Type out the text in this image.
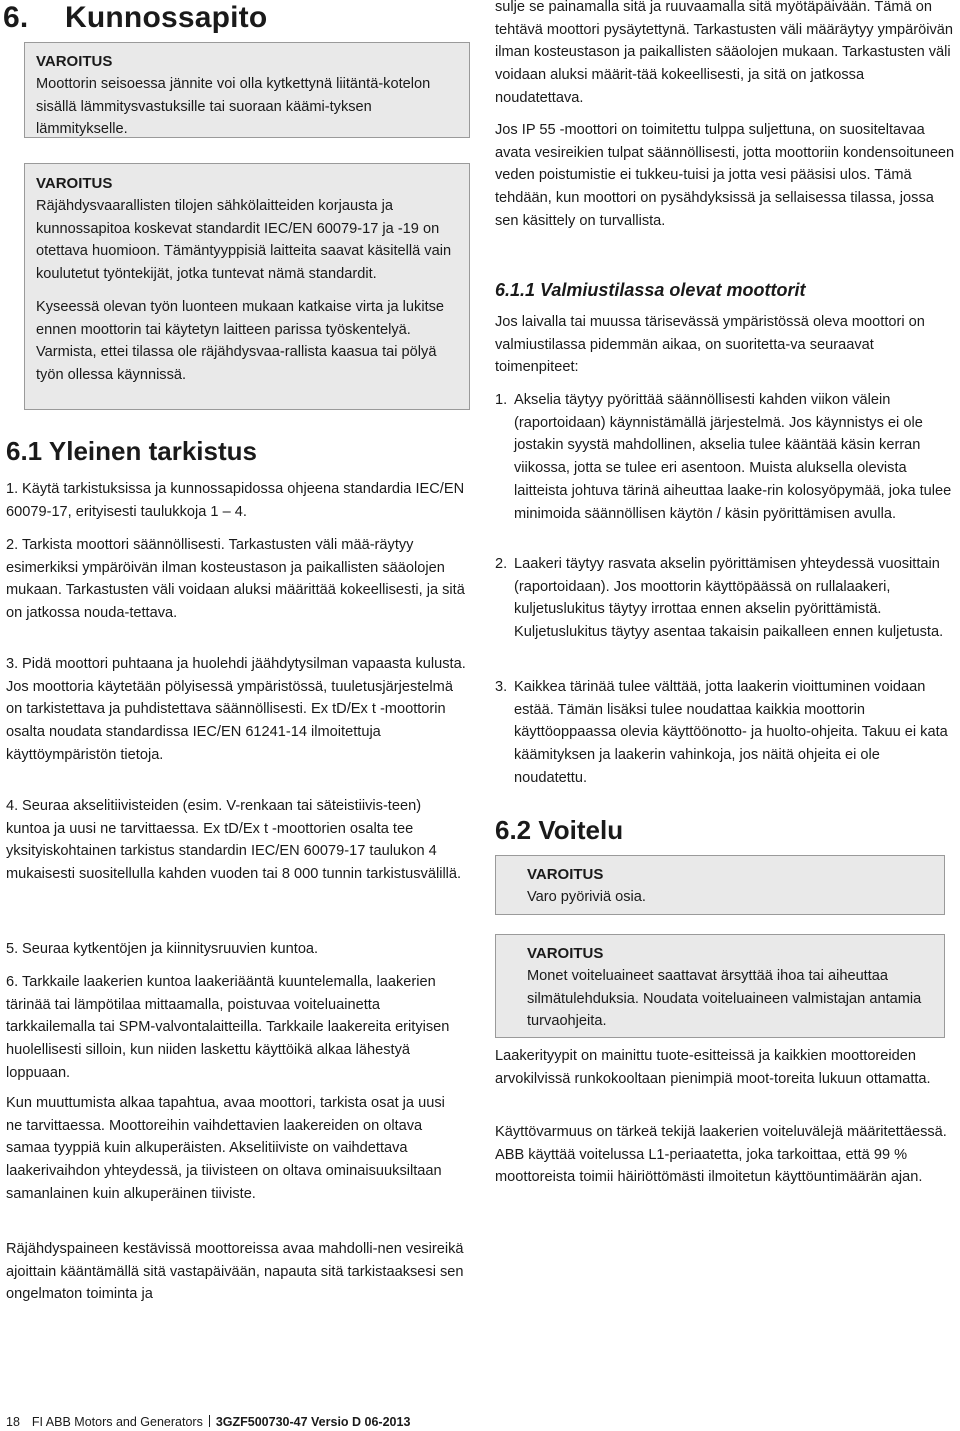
6. Kunnossapito
VAROITUS

Moottorin seisoessa jännite voi olla kytkettynä liitäntä-kotelon sisällä lämmitysvastuksille tai suoraan käämi-tyksen lämmitykselle.

VAROITUS

Räjähdysvaarallisten tilojen sähkölaitteiden korjausta ja kunnossapitoa koskevat standardit IEC/EN 60079-17 ja -19 on otettava huomioon. Tämäntyyppisiä laitteita saavat käsitellä vain koulutetut työntekijät, jotka tuntevat nämä standardit.

Kyseessä olevan työn luonteen mukaan katkaise virta ja lukitse ennen moottorin tai käytetyn laitteen parissa työskentelyä. Varmista, ettei tilassa ole räjähdysvaa-rallista kaasua tai pölyä työn ollessa käynnissä.

6.1 Yleinen tarkistus
1. Käytä tarkistuksissa ja kunnossapidossa ohjeena standardia IEC/EN 60079-17, erityisesti taulukkoja 1 – 4.
2. Tarkista moottori säännöllisesti. Tarkastusten väli mää-räytyy esimerkiksi ympäröivän ilman kosteustason ja paikallisten sääolojen mukaan. Tarkastusten väli voidaan aluksi määrittää kokeellisesti, ja sitä on jatkossa nouda-tettava.
3. Pidä moottori puhtaana ja huolehdi jäähdytysilman vapaasta kulusta. Jos moottoria käytetään pölyisessä ympäristössä, tuuletusjärjestelmä on tarkistettava ja puhdistettava säännöllisesti. Ex tD/Ex t -moottorin osalta noudata standardissa IEC/EN 61241-14 ilmoitettuja käyttöympäristön tietoja.
4. Seuraa akselitiivisteiden (esim. V-renkaan tai säteistiivis-teen) kuntoa ja uusi ne tarvittaessa. Ex tD/Ex t -moottorien osalta tee yksityiskohtainen tarkistus standardin IEC/EN 60079-17 taulukon 4 mukaisesti suositellulla kahden vuoden tai 8 000 tunnin tarkistusvälillä.
5. Seuraa kytkentöjen ja kiinnitysruuvien kuntoa.
6. Tarkkaile laakerien kuntoa laakeriääntä kuuntelemalla, laakerien tärinää tai lämpötilaa mittaamalla, poistuvaa voiteluainetta tarkkailemalla tai SPM-valvontalaitteilla. Tarkkaile laakereita erityisen huolellisesti silloin, kun niiden laskettu käyttöikä alkaa lähestyä loppuaan.

Kun muuttumista alkaa tapahtua, avaa moottori, tarkista osat ja uusi ne tarvittaessa. Moottoreihin vaihdettavien laakereiden on oltava samaa tyyppiä kuin alkuperäisten. Akselitiiviste on vaihdettava laakerivaihdon yhteydessä, ja tiivisteen on oltava ominaisuuksiltaan samanlainen kuin alkuperäinen tiiviste.

Räjähdyspaineen kestävissä moottoreissa avaa mahdolli-nen vesireikä ajoittain kääntämällä sitä vastapäivään, napauta sitä tarkistaaksesi sen ongelmaton toiminta ja

sulje se painamalla sitä ja ruuvaamalla sitä myötäpäivään. Tämä on tehtävä moottori pysäytettynä. Tarkastusten väli määräytyy ympäröivän ilman kosteustason ja paikallisten sääolojen mukaan. Tarkastusten väli voidaan aluksi määrit-tää kokeellisesti, ja sitä on jatkossa noudatettava.

Jos IP 55 -moottori on toimitettu tulppa suljettuna, on suositeltavaa avata vesireikien tulpat säännöllisesti, jotta moottoriin kondensoituneen veden poistumistie ei tukkeu-tuisi ja jotta vesi pääsisi ulos. Tämä tehdään, kun moottori on pysähdyksissä ja sellaisessa tilassa, jossa sen käsittely on turvallista.

6.1.1 Valmiustilassa olevat moottorit

Jos laivalla tai muussa tärisevässä ympäristössä oleva moottori on valmiustilassa pidemmän aikaa, on suoritetta-va seuraavat toimenpiteet:

1. Akselia täytyy pyörittää säännöllisesti kahden viikon välein (raportoidaan) käynnistämällä järjestelmä. Jos käynnistys ei ole jostakin syystä mahdollinen, akselia tulee kääntää käsin kerran viikossa, jotta se tulee eri asentoon. Muista aluksella olevista laitteista johtuva tärinä aiheuttaa laake-rin kolosyöpymää, joka tulee minimoida säännöllisen käytön / käsin pyörittämisen avulla.
2. Laakeri täytyy rasvata akselin pyörittämisen yhteydessä vuosittain (raportoidaan). Jos moottorin käyttöpäässä on rullalaakeri, kuljetuslukitus täytyy irrottaa ennen akselin pyörittämistä. Kuljetuslukitus täytyy asentaa takaisin paikalleen ennen kuljetusta.
3. Kaikkea tärinää tulee välttää, jotta laakerin vioittuminen voidaan estää. Tämän lisäksi tulee noudattaa kaikkia moottorin käyttöoppaassa olevia käyttöönotto- ja huolto-ohjeita. Takuu ei kata käämityksen ja laakerin vahinkoja, jos näitä ohjeita ei ole noudatettu.
6.2 Voitelu
VAROITUS

Varo pyöriviä osia.

VAROITUS

Monet voiteluaineet saattavat ärsyttää ihoa tai aiheuttaa silmätulehduksia. Noudata voiteluaineen valmistajan antamia turvaohjeita.

Laakerityypit on mainittu tuote-esitteissä ja kaikkien moottoreiden arvokilvissä runkokooltaan pienimpiä moot-toreita lukuun ottamatta.

Käyttövarmuus on tärkeä tekijä laakerien voiteluvälejä määritettäessä. ABB käyttää voitelussa L1-periaatetta, joka tarkoittaa, että 99 % moottoreista toimii häiriöttömästi ilmoitetun käyttöuntimäärän ajan.

18 FI ABB Motors and Generators 3GZF500730-47 Versio D 06-2013
